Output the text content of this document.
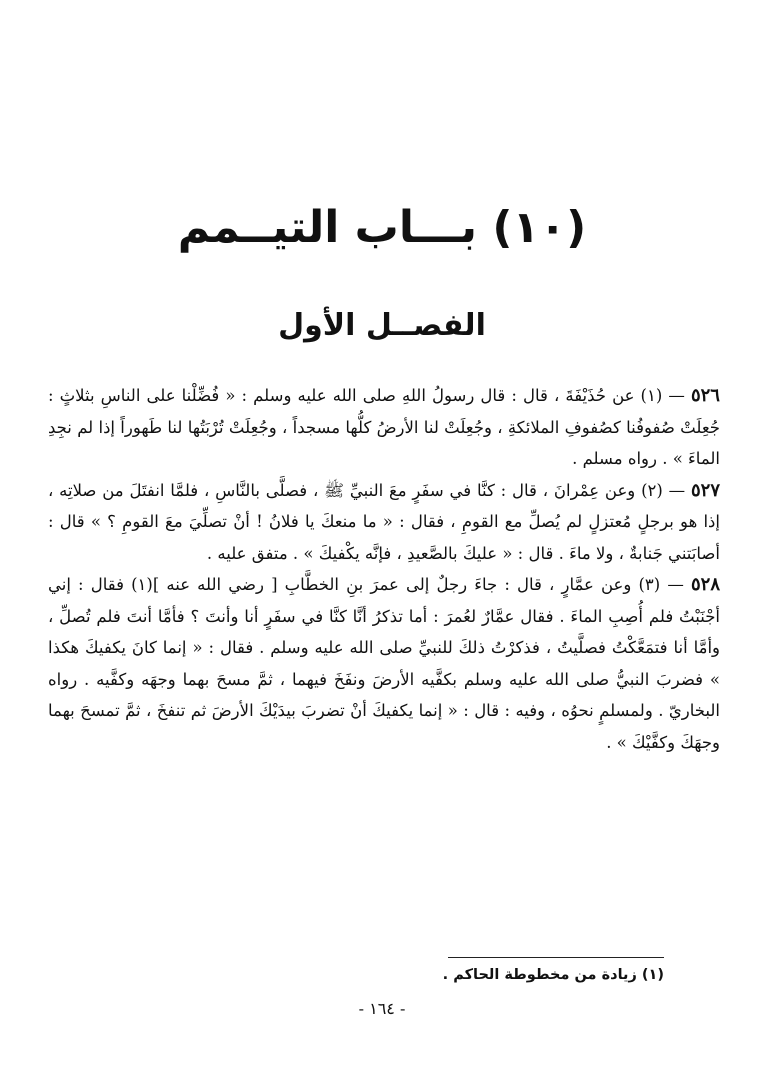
(١٠) بـــاب التيــمم
الفصــل الأول

٥٢٦ — (١) عن حُذَيْفَةَ ، قال : قال رسولُ اللهِ صلى الله عليه وسلم : « فُضِّلْنا على الناسِ بثلاثٍ : جُعِلَتْ صُفوفُنا كصُفوفِ الملائكةِ ، وجُعِلَتْ لنا الأرضُ كلُّها مسجداً ، وجُعِلَتْ تُرْبَتُها لنا طَهوراً إذا لم نجِدِ الماءَ » . رواه مسلم .

٥٢٧ — (٢) وعن عِمْرانَ ، قال : كنَّا في سفَرٍ معَ النبيِّ ﷺ ، فصلَّى بالنَّاسِ ، فلمَّا انفتَلَ من صلاتِه ، إذا هو برجلٍ مُعتزلٍ لم يُصلِّ مع القومِ ، فقال : « ما منعكَ يا فلانُ ! أنْ تصلِّيَ معَ القومِ ؟ » قال : أصابَتني جَنابةٌ ، ولا ماءَ . قال : « عليكَ بالصَّعيدِ ، فإنَّه يكْفيكَ » . متفق عليه .

٥٢٨ — (٣) وعن عمَّارٍ ، قال : جاءَ رجلٌ إلى عمرَ بنِ الخطَّابِ [ رضي الله عنه ](١) فقال : إني أجْنَبْتُ فلم أُصِبِ الماءَ . فقال عمَّارٌ لعُمرَ : أما تذكرُ أنَّا كنَّا في سفَرٍ أنا وأنتَ ؟ فأمَّا أنتَ فلم تُصلِّ ، وأمَّا أنا فتمَعَّكْتُ فصلَّيتُ ، فذكرْتُ ذلكَ للنبيِّ صلى الله عليه وسلم . فقال : « إنما كانَ يكفيكَ هكذا » فضربَ النبيُّ صلى الله عليه وسلم بكفَّيه الأرضَ ونفَخَ فيهما ، ثمَّ مسحَ بهما وجهَه وكفَّيه . رواه البخاريّ . ولمسلمٍ نحوُه ، وفيه : قال : « إنما يكفيكَ أنْ تضربَ بيدَيْكَ الأرضَ ثم تنفخَ ، ثمَّ تمسحَ بهما وجهَكَ وكفَّيْكَ » .

(١) زيادة من مخطوطة الحاكم .
- ١٦٤ -
